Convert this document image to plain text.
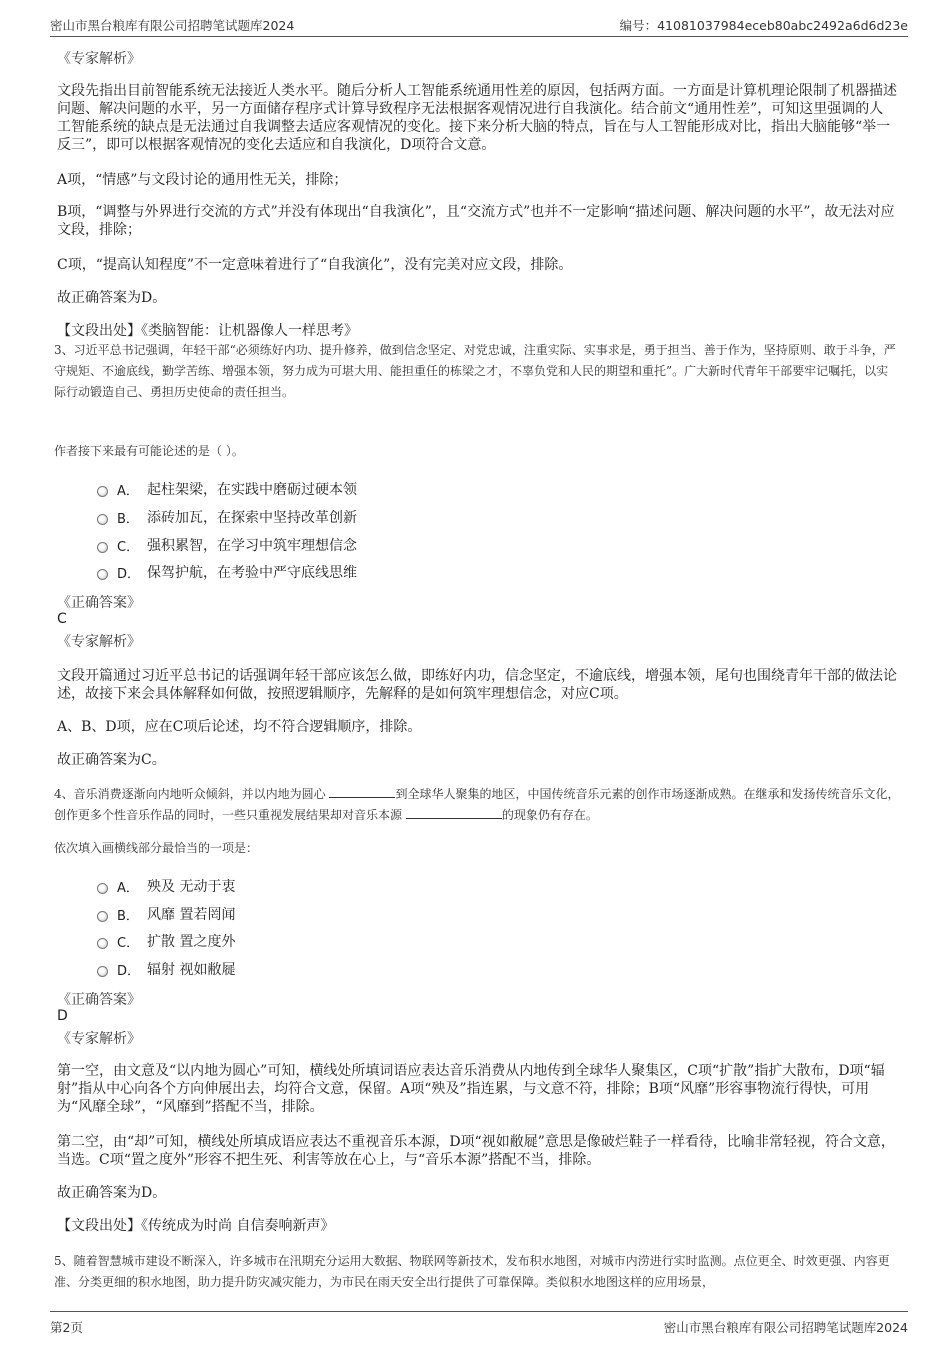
密山市黑台粮库有限公司招聘笔试题库2024	编号：41081037984eceb80abc2492a6d6d23e
《专家解析》
文段先指出目前智能系统无法接近人类水平。随后分析人工智能系统通用性差的原因，包括两方面。一方面是计算机理论限制了机器描述问题、解决问题的水平，另一方面储存程序式计算导致程序无法根据客观情况进行自我演化。结合前文“通用性差”，可知这里强调的人工智能系统的缺点是无法通过自我调整去适应客观情况的变化。接下来分析大脑的特点，旨在与人工智能形成对比，指出大脑能够“举一反三”，即可以根据客观情况的变化去适应和自我演化，D项符合文意。
A项，“情感”与文段讨论的通用性无关，排除；
B项，“调整与外界进行交流的方式”并没有体现出“自我演化”，且“交流方式”也并不一定影响“描述问题、解决问题的水平”，故无法对应文段，排除；
C项，“提高认知程度”不一定意味着进行了“自我演化”，没有完美对应文段，排除。
故正确答案为D。
【文段出处】《类脑智能：让机器像人一样思考》
3、习近平总书记强调，年轻干部“必须练好内功、提升修养，做到信念坚定、对党忠诚，注重实际、实事求是，勇于担当、善于作为，坚持原则、敢于斗争，严守规矩、不逾底线，勤学苦练、增强本领，努力成为可堪大用、能担重任的栋梁之才，不辜负党和人民的期望和重托”。广大新时代青年干部要牢记嘱托，以实际行动锻造自己、勇担历史使命的责任担当。
作者接下来最有可能论述的是（ ）。
A． 起柱架梁，在实践中磨砺过硬本领
B． 添砖加瓦，在探索中坚持改革创新
C． 强积累智，在学习中筑牢理想信念
D． 保驾护航，在考验中严守底线思维
《正确答案》
C
《专家解析》
文段开篇通过习近平总书记的话强调年轻干部应该怎么做，即练好内功，信念坚定，不逾底线，增强本领，尾句也围绕青年干部的做法论述，故接下来会具体解释如何做，按照逻辑顺序，先解释的是如何筑牢理想信念，对应C项。
A、B、D项，应在C项后论述，均不符合逻辑顺序，排除。
故正确答案为C。
4、音乐消费逐渐向内地听众倾斜，并以内地为圆心	到全球华人聚集的地区，中国传统音乐元素的创作市场逐渐成熟。在继承和发扬传统音乐文化，创作更多个性音乐作品的同时，一些只重视发展结果却对音乐本源	的现象仍有存在。
依次填入画横线部分最恰当的一项是：
A． 殃及 无动于衷
B． 风靡 置若罔闻
C． 扩散 置之度外
D． 辐射 视如敝屣
《正确答案》
D
《专家解析》
第一空，由文意及“以内地为圆心”可知，横线处所填词语应表达音乐消费从内地传到全球华人聚集区，C项“扩散”指扩大散布，D项“辐射”指从中心向各个方向伸展出去，均符合文意，保留。A项“殃及”指连累，与文意不符，排除；B项“风靡”形容事物流行得快，可用为“风靡全球”，“风靡到”搭配不当，排除。
第二空，由“却”可知，横线处所填成语应表达不重视音乐本源，D项“视如敝屣”意思是像破烂鞋子一样看待，比喻非常轻视，符合文意，当选。C项“置之度外”形容不把生死、利害等放在心上，与“音乐本源”搭配不当，排除。
故正确答案为D。
【文段出处】《传统成为时尚 自信奏响新声》
5、随着智慧城市建设不断深入，许多城市在汛期充分运用大数据、物联网等新技术，发布积水地图，对城市内涝进行实时监测。点位更全、时效更强、内容更准、分类更细的积水地图，助力提升防灾减灾能力，为市民在雨天安全出行提供了可靠保障。类似积水地图这样的应用场景，
第2页	密山市黑台粮库有限公司招聘笔试题库2024
